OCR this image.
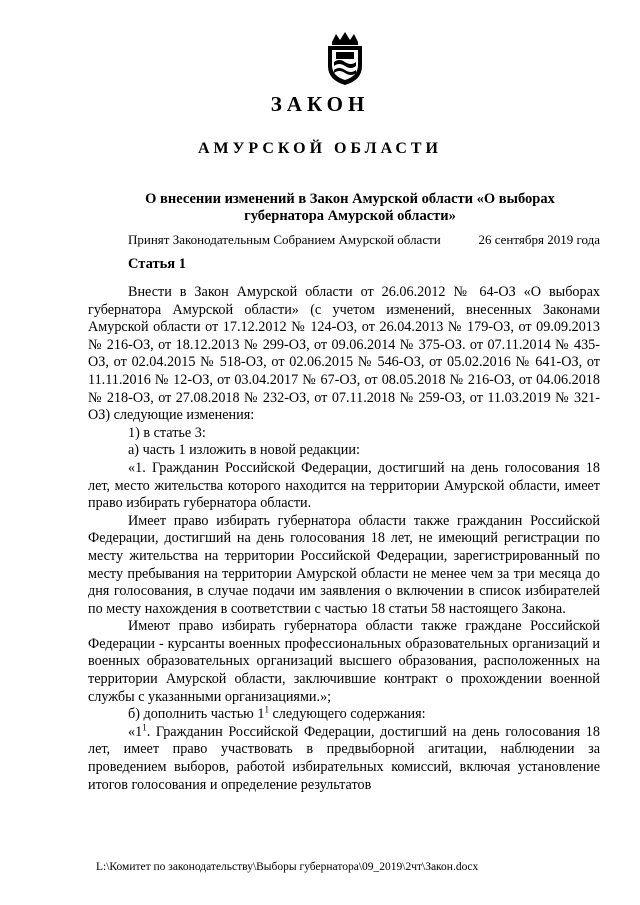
ЗАКОН
АМУРСКОЙ ОБЛАСТИ
О внесении изменений в Закон Амурской области «О выборах губернатора Амурской области»
Принят Законодательным Собранием Амурской области	26 сентября 2019 года
Статья 1

Внести в Закон Амурской области от 26.06.2012 № 64-ОЗ «О выборах губернатора Амурской области» (с учетом изменений, внесенных Законами Амурской области от 17.12.2012 № 124-ОЗ, от 26.04.2013 № 179-ОЗ, от 09.09.2013 № 216-ОЗ, от 18.12.2013 № 299-ОЗ, от 09.06.2014 № 375-ОЗ. от 07.11.2014 № 435-ОЗ, от 02.04.2015 № 518-ОЗ, от 02.06.2015 № 546-ОЗ, от 05.02.2016 № 641-ОЗ, от 11.11.2016 № 12-ОЗ, от 03.04.2017 № 67-ОЗ, от 08.05.2018 № 216-ОЗ, от 04.06.2018 № 218-ОЗ, от 27.08.2018 № 232-ОЗ, от 07.11.2018 № 259-ОЗ, от 11.03.2019 № 321-ОЗ) следующие изменения:

1) в статье 3:

а) часть 1 изложить в новой редакции:

«1. Гражданин Российской Федерации, достигший на день голосования 18 лет, место жительства которого находится на территории Амурской области, имеет право избирать губернатора области.

Имеет право избирать губернатора области также гражданин Российской Федерации, достигший на день голосования 18 лет, не имеющий регистрации по месту жительства на территории Российской Федерации, зарегистрированный по месту пребывания на территории Амурской области не менее чем за три месяца до дня голосования, в случае подачи им заявления о включении в список избирателей по месту нахождения в соответствии с частью 18 статьи 58 настоящего Закона.

Имеют право избирать губернатора области также граждане Российской Федерации - курсанты военных профессиональных образовательных организаций и военных образовательных организаций высшего образования, расположенных на территории Амурской области, заключившие контракт о прохождении военной службы с указанными организациями.»;

б) дополнить частью $1^1$ следующего содержания:

«$1^1$. Гражданин Российской Федерации, достигший на день голосования 18 лет, имеет право участвовать в предвыборной агитации, наблюдении за проведением выборов, работой избирательных комиссий, включая установление итогов голосования и определение результатов

L:\Комитет по законодательству\Выборы губернатора\09_2019\2чт\Закон.docx
